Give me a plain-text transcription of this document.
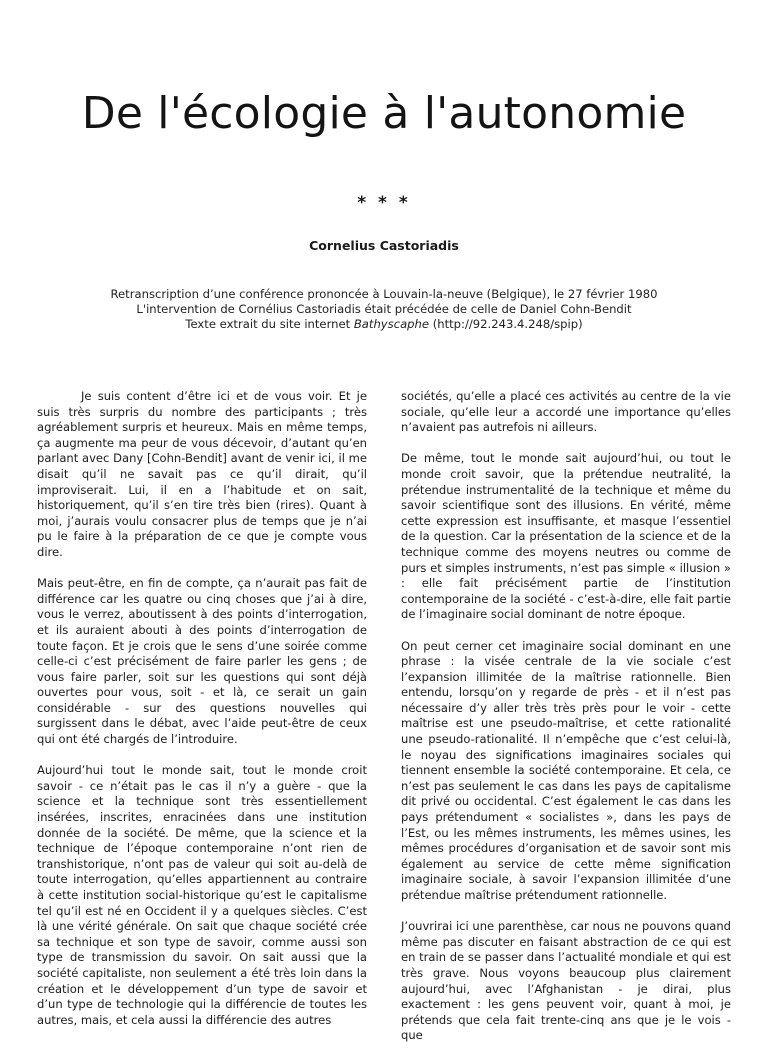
De l'écologie à l'autonomie
* * *
Cornelius Castoriadis
Retranscription d’une conférence prononcée à Louvain-la-neuve (Belgique), le 27 février 1980
L'intervention de Cornélius Castoriadis était précédée de celle de Daniel Cohn-Bendit
Texte extrait du site internet Bathyscaphe (http://92.243.4.248/spip)

Je suis content d’être ici et de vous voir. Et je suis très surpris du nombre des participants ; très agréablement surpris et heureux. Mais en même temps, ça augmente ma peur de vous décevoir, d’autant qu’en parlant avec Dany [Cohn-Bendit] avant de venir ici, il me disait qu’il ne savait pas ce qu’il dirait, qu’il improviserait. Lui, il en a l’habitude et on sait, historiquement, qu’il s’en tire très bien (rires). Quant à moi, j’aurais voulu consacrer plus de temps que je n’ai pu le faire à la préparation de ce que je compte vous dire.

Mais peut-être, en fin de compte, ça n’aurait pas fait de différence car les quatre ou cinq choses que j’ai à dire, vous le verrez, aboutissent à des points d’interrogation, et ils auraient abouti à des points d’interrogation de toute façon. Et je crois que le sens d’une soirée comme celle-ci c’est précisément de faire parler les gens ; de vous faire parler, soit sur les questions qui sont déjà ouvertes pour vous, soit - et là, ce serait un gain considérable - sur des questions nouvelles qui surgissent dans le débat, avec l’aide peut-être de ceux qui ont été chargés de l’introduire.

Aujourd’hui tout le monde sait, tout le monde croit savoir - ce n’était pas le cas il n’y a guère - que la science et la technique sont très essentiellement insérées, inscrites, enracinées dans une institution donnée de la société. De même, que la science et la technique de l’époque contemporaine n’ont rien de transhistorique, n’ont pas de valeur qui soit au-delà de toute interrogation, qu’elles appartiennent au contraire à cette institution social-historique qu’est le capitalisme tel qu’il est né en Occident il y a quelques siècles. C’est là une vérité générale. On sait que chaque société crée sa technique et son type de savoir, comme aussi son type de transmission du savoir. On sait aussi que la société capitaliste, non seulement a été très loin dans la création et le développement d’un type de savoir et d’un type de technologie qui la différencie de toutes les autres, mais, et cela aussi la différencie des autres

sociétés, qu’elle a placé ces activités au centre de la vie sociale, qu’elle leur a accordé une importance qu’elles n’avaient pas autrefois ni ailleurs.

De même, tout le monde sait aujourd’hui, ou tout le monde croit savoir, que la prétendue neutralité, la prétendue instrumentalité de la technique et même du savoir scientifique sont des illusions. En vérité, même cette expression est insuffisante, et masque l’essentiel de la question. Car la présentation de la science et de la technique comme des moyens neutres ou comme de purs et simples instruments, n’est pas simple « illusion » : elle fait précisément partie de l’institution contemporaine de la société - c’est-à-dire, elle fait partie de l’imaginaire social dominant de notre époque.

On peut cerner cet imaginaire social dominant en une phrase : la visée centrale de la vie sociale c’est l’expansion illimitée de la maîtrise rationnelle. Bien entendu, lorsqu’on y regarde de près - et il n’est pas nécessaire d’y aller très très près pour le voir - cette maîtrise est une pseudo-maîtrise, et cette rationalité une pseudo-rationalité. Il n’empêche que c’est celui-là, le noyau des significations imaginaires sociales qui tiennent ensemble la société contemporaine. Et cela, ce n’est pas seulement le cas dans les pays de capitalisme dit privé ou occidental. C’est également le cas dans les pays prétendument « socialistes », dans les pays de l’Est, ou les mêmes instruments, les mêmes usines, les mêmes procédures d’organisation et de savoir sont mis également au service de cette même signification imaginaire sociale, à savoir l’expansion illimitée d’une prétendue maîtrise prétendument rationnelle.

J’ouvrirai ici une parenthèse, car nous ne pouvons quand même pas discuter en faisant abstraction de ce qui est en train de se passer dans l’actualité mondiale et qui est très grave. Nous voyons beaucoup plus clairement aujourd’hui, avec l’Afghanistan - je dirai, plus exactement : les gens peuvent voir, quant à moi, je prétends que cela fait trente-cinq ans que je le vois - que
